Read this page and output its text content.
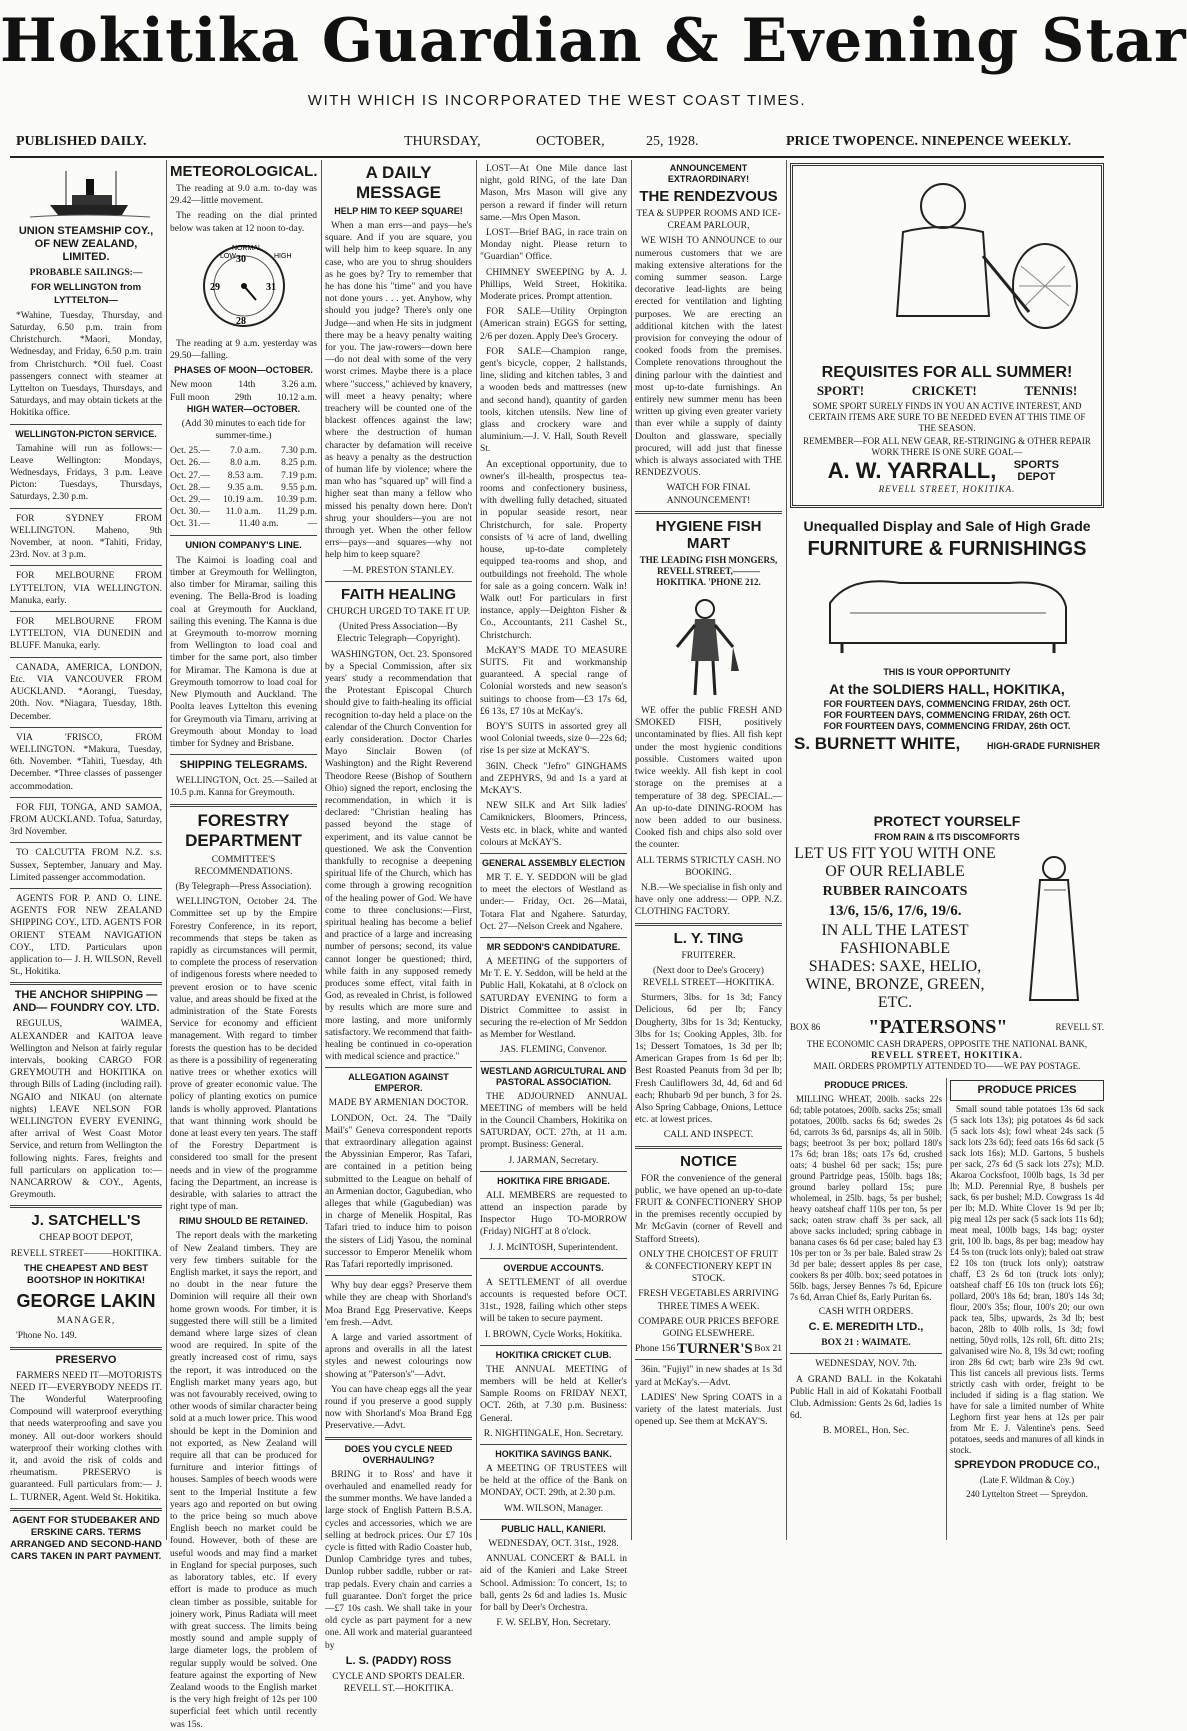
Hokitika Guardian & Evening Star
WITH WHICH IS INCORPORATED THE WEST COAST TIMES.
PUBLISHED DAILY.	THURSDAY,	OCTOBER,	25, 1928.	PRICE TWOPENCE. NINEPENCE WEEKLY.

UNION STEAMSHIP COY., OF NEW ZEALAND, LIMITED.

PROBABLE SAILINGS:—

FOR WELLINGTON from LYTTELTON—

*Wahine, Tuesday, Thursday, and Saturday, 6.50 p.m. train from Christchurch. *Maori, Monday, Wednesday, and Friday, 6.50 p.m. train from Christchurch. *Oil fuel. Coast passengers connect with steamer at Lyttelton on Tuesdays, Thursdays, and Saturdays, and may obtain tickets at the Hokitika office.

WELLINGTON-PICTON SERVICE.

Tamahine will run as follows:— Leave Wellington: Mondays, Wednesdays, Fridays, 3 p.m. Leave Picton: Tuesdays, Thursdays, Saturdays, 2.30 p.m.

FOR SYDNEY FROM WELLINGTON. Maheno, 9th November, at noon. *Tahiti, Friday, 23rd. Nov. at 3 p.m.

FOR MELBOURNE FROM LYTTELTON, VIA WELLINGTON. Manuka, early.

FOR MELBOURNE FROM LYTTELTON, VIA DUNEDIN and BLUFF. Manuka, early.

CANADA, AMERICA, LONDON, Etc. VIA VANCOUVER FROM AUCKLAND. *Aorangi, Tuesday, 20th. Nov. *Niagara, Tuesday, 18th. December.

VIA 'FRISCO, FROM WELLINGTON. *Makura, Tuesday, 6th. November. *Tahiti, Tuesday, 4th December. *Three classes of passenger accommodation.

FOR FIJI, TONGA, AND SAMOA, FROM AUCKLAND. Tofua, Saturday, 3rd November.

TO CALCUTTA FROM N.Z. s.s. Sussex, September, January and May. Limited passenger accommodation.

AGENTS FOR P. AND O. LINE. AGENTS FOR NEW ZEALAND SHIPPING COY., LTD. AGENTS FOR ORIENT STEAM NAVIGATION COY., LTD. Particulars upon application to— J. H. WILSON, Revell St., Hokitika.

THE ANCHOR SHIPPING —AND— FOUNDRY COY. LTD.

REGULUS, WAIMEA, ALEXANDER and KAITOA leave Wellington and Nelson at fairly regular intervals, booking CARGO FOR GREYMOUTH and HOKITIKA on through Bills of Lading (including rail). NGAIO and NIKAU (on alternate nights) LEAVE NELSON FOR WELLINGTON EVERY EVENING, after arrival of West Coast Motor Service, and return from Wellington the following nights. Fares, freights and full particulars on application to:— NANCARROW & COY., Agents, Greymouth.

J. SATCHELL'S

CHEAP BOOT DEPOT,

REVELL STREET———HOKITIKA.

THE CHEAPEST AND BEST BOOTSHOP IN HOKITIKA!

GEORGE LAKIN

MANAGER,

'Phone No. 149.

PRESERVO

FARMERS NEED IT—MOTORISTS NEED IT—EVERYBODY NEEDS IT. The Wonderful Waterproofing Compound will waterproof everything that needs waterproofing and save you money. All out-door workers should waterproof their working clothes with it, and avoid the risk of colds and rheumatism. PRESERVO is guaranteed. Full particulars from:— J. L. TURNER, Agent. Weld St. Hokitika.

AGENT FOR STUDEBAKER AND ERSKINE CARS. TERMS ARRANGED AND SECOND-HAND CARS TAKEN IN PART PAYMENT.

METEOROLOGICAL.

The reading at 9.0 a.m. to-day was 29.42—little movement.

The reading on the dial printed below was taken at 12 noon to-day.

LOW
NORMAL
HIGH
29
28
30
31

The reading at 9 a.m. yesterday was 29.50—falling.

PHASES OF MOON—OCTOBER.

New moon	14th	3.26 a.m.
Full moon	29th	10.12 a.m.

HIGH WATER—OCTOBER.

(Add 30 minutes to each tide for summer-time.)

Oct. 25.— 7.0 a.m. 7.30 p.m.
Oct. 26.— 8.0 a.m. 8.25 p.m.
Oct. 27.— 8.53 a.m. 7.19 p.m.
Oct. 28.— 9.35 a.m. 9.55 p.m.
Oct. 29.— 10.19 a.m. 10.39 p.m.
Oct. 30.— 11.0 a.m. 11.29 p.m.
Oct. 31.—	11.40 a.m.	—

UNION COMPANY'S LINE.

The Kaimoi is loading coal and timber at Greymouth for Wellington, also timber for Miramar, sailing this evening. The Bella-Brod is loading coal at Greymouth for Auckland, sailing this evening. The Kanna is due at Greymouth to-morrow morning from Wellington to load coal and timber for the same port, also timber for Miramar. The Kamona is due at Greymouth tomorrow to load coal for New Plymouth and Auckland. The Poolta leaves Lyttelton this evening for Greymouth via Timaru, arriving at Greymouth about Monday to load timber for Sydney and Brisbane.

SHIPPING TELEGRAMS.

WELLINGTON, Oct. 25.—Sailed at 10.5 p.m. Kanna for Greymouth.

FORESTRY DEPARTMENT

COMMITTEE'S RECOMMENDATIONS.

(By Telegraph—Press Association).

WELLINGTON, October 24. The Committee set up by the Empire Forestry Conference, in its report, recommends that steps be taken as rapidly as circumstances will permit, to complete the process of reservation of indigenous forests where needed to prevent erosion or to have scenic value, and areas should be fixed at the administration of the State Forests Service for economy and efficient management. With regard to timber forests the question has to be decided as there is a possibility of regenerating native trees or whether exotics will prove of greater economic value. The policy of planting exotics on pumice lands is wholly approved. Plantations that want thinning work should be done at least every ten years. The staff of the Forestry Department is considered too small for the present needs and in view of the programme facing the Department, an increase is desirable, with salaries to attract the right type of man.

RIMU SHOULD BE RETAINED.

The report deals with the marketing of New Zealand timbers. They are very few timbers suitable for the English market, it says the report, and no doubt in the near future the Dominion will require all their own home grown woods. For timber, it is suggested there will still be a limited demand where large sizes of clean wood are required. In spite of the greatly increased cost of rimu, says the report, it was introduced on the English market many years ago, but was not favourably received, owing to other woods of similar character being sold at a much lower price. This wood should be kept in the Dominion and not exported, as New Zealand will require all that can be produced for furniture and interior fittings of houses. Samples of beech woods were sent to the Imperial Institute a few years ago and reported on but owing to the price being so much above English beech no market could be found. However, both of these are useful woods and may find a market in England for special purposes, such as laboratory tables, etc. If every effort is made to produce as much clean timber as possible, suitable for joinery work, Pinus Radiata will meet with great success. The limits being mostly sound and ample supply of large diameter logs, the problem of regular supply would be solved. One feature against the exporting of New Zealand woods to the English market is the very high freight of 12s per 100 superficial feet which until recently was 15s.

A DAILY MESSAGE

HELP HIM TO KEEP SQUARE!

When a man errs—and pays—he's square. And if you are square, you will help him to keep square. In any case, who are you to shrug shoulders as he goes by? Try to remember that he has done his "time" and you have not done yours . . . yet. Anyhow, why should you judge? There's only one Judge—and when He sits in judgment there may be a heavy penalty waiting for you. The jaw-rowers—down here—do not deal with some of the very worst crimes. Maybe there is a place where "success," achieved by knavery, will meet a heavy penalty; where treachery will be counted one of the blackest offences against the law; where the destruction of human character by defamation will receive as heavy a penalty as the destruction of human life by violence; where the man who has "squared up" will find a higher seat than many a fellow who missed his penalty down here. Don't shrug your shoulders—you are not through yet. When the other fellow errs—pays—and squares—why not help him to keep square?

—M. PRESTON STANLEY.

FAITH HEALING

CHURCH URGED TO TAKE IT UP.

(United Press Association—By Electric Telegraph—Copyright).

WASHINGTON, Oct. 23. Sponsored by a Special Commission, after six years' study a recommendation that the Protestant Episcopal Church should give to faith-healing its official recognition to-day held a place on the calendar of the Church Convention for early consideration. Doctor Charles Mayo Sinclair Bowen (of Washington) and the Right Reverend Theodore Reese (Bishop of Southern Ohio) signed the report, enclosing the recommendation, in which it is declared: "Christian healing has passed beyond the stage of experiment, and its value cannot be questioned. We ask the Convention thankfully to recognise a deepening spiritual life of the Church, which has come through a growing recognition of the healing power of God. We have come to three conclusions:—First, spiritual healing has become a belief and practice of a large and increasing number of persons; second, its value cannot longer be questioned; third, while faith in any supposed remedy produces some effect, vital faith in God, as revealed in Christ, is followed by results which are more sure and more lasting, and more uniformly satisfactory. We recommend that faith-healing be continued in co-operation with medical science and practice."

ALLEGATION AGAINST EMPEROR.

MADE BY ARMENIAN DOCTOR.

LONDON, Oct. 24. The "Daily Mail's" Geneva correspondent reports that extraordinary allegation against the Abyssinian Emperor, Ras Tafari, are contained in a petition being submitted to the League on behalf of an Armenian doctor, Gagubedian, who alleges that while (Gagubedian) was in charge of Menelik Hospital, Ras Tafari tried to induce him to poison the sisters of Lidj Yasou, the nominal successor to Emperor Menelik whom Ras Tafari reportedly imprisoned.

Why buy dear eggs? Preserve them while they are cheap with Shorland's Moa Brand Egg Preservative. Keeps 'em fresh.—Advt.

A large and varied assortment of aprons and overalls in all the latest styles and newest colourings now showing at "Paterson's"—Advt.

You can have cheap eggs all the year round if you preserve a good supply now with Shorland's Moa Brand Egg Preservative.—Advt.

DOES YOU CYCLE NEED OVERHAULING?

BRING it to Ross' and have it overhauled and enamelled ready for the summer months. We have landed a large stock of English Pattern B.S.A. cycles and accessories, which we are selling at bedrock prices. Our £7 10s cycle is fitted with Radio Coaster hub, Dunlop Cambridge tyres and tubes, Dunlop rubber saddle, rubber or rat-trap pedals. Every chain and carries a full guarantee. Don't forget the price—£7 10s cash. We shall take in your old cycle as part payment for a new one. All work and material guaranteed by

L. S. (PADDY) ROSS

CYCLE AND SPORTS DEALER. REVELL ST.—HOKITIKA.

LOST—At One Mile dance last night, gold RING, of the late Dan Mason, Mrs Mason will give any person a reward if finder will return same.—Mrs Open Mason.

LOST—Brief BAG, in race train on Monday night. Please return to "Guardian" Office.

CHIMNEY SWEEPING by A. J. Phillips, Weld Street, Hokitika. Moderate prices. Prompt attention.

FOR SALE—Utility Orpington (American strain) EGGS for setting, 2/6 per dozen. Apply Dee's Grocery.

FOR SALE—Champion range, gent's bicycle, copper, 2 hallstands, line, sliding and kitchen tables, 3 and a wooden beds and mattresses (new and second hand), quantity of garden tools, kitchen utensils. New line of glass and crockery ware and aluminium.—J. V. Hall, South Revell St.

An exceptional opportunity, due to owner's ill-health, prospectus tea-rooms and confectionery business, with dwelling fully detached, situated in popular seaside resort, near Christchurch, for sale. Property consists of ¼ acre of land, dwelling house, up-to-date completely equipped tea-rooms and shop, and outbuildings not freehold. The whole for sale as a going concern. Walk in! Walk out! For particulars in first instance, apply—Deighton Fisher & Co., Accountants, 211 Cashel St., Christchurch.

McKAY'S MADE TO MEASURE SUITS. Fit and workmanship guaranteed. A special range of Colonial worsteds and new season's suitings to choose from—£3 17s 6d, £6 13s, £7 10s at McKay's.

BOY'S SUITS in assorted grey all wool Colonial tweeds, size 0—22s 6d; rise 1s per size at McKAY'S.

36IN. Check "Jefro" GINGHAMS and ZEPHYRS, 9d and 1s a yard at McKAY'S.

NEW SILK and Art Silk ladies' Camiknickers, Bloomers, Princess, Vests etc. in black, white and wanted colours at McKAY'S.

GENERAL ASSEMBLY ELECTION

MR T. E. Y. SEDDON will be glad to meet the electors of Westland as under:— Friday, Oct. 26—Matai, Totara Flat and Ngahere. Saturday, Oct. 27—Nelson Creek and Ngahere.

MR SEDDON'S CANDIDATURE.

A MEETING of the supporters of Mr T. E. Y. Seddon, will be held at the Public Hall, Kokatahi, at 8 o'clock on SATURDAY EVENING to form a District Committee to assist in securing the re-election of Mr Seddon as Member for Westland.

JAS. FLEMING, Convenor.

WESTLAND AGRICULTURAL AND PASTORAL ASSOCIATION.

THE ADJOURNED ANNUAL MEETING of members will be held in the Council Chambers, Hokitika on SATURDAY, OCT. 27th, at 11 a.m. prompt. Business: General.

J. JARMAN, Secretary.

HOKITIKA FIRE BRIGADE.

ALL MEMBERS are requested to attend an inspection parade by Inspector Hugo TO-MORROW (Friday) NIGHT at 8 o'clock.

J. J. McINTOSH, Superintendent.

OVERDUE ACCOUNTS.

A SETTLEMENT of all overdue accounts is requested before OCT. 31st., 1928, failing which other steps will be taken to secure payment.

I. BROWN, Cycle Works, Hokitika.

HOKITIKA CRICKET CLUB.

THE ANNUAL MEETING of members will be held at Keller's Sample Rooms on FRIDAY NEXT, OCT. 26th, at 7.30 p.m. Business: General.

R. NIGHTINGALE, Hon. Secretary.

HOKITIKA SAVINGS BANK.

A MEETING OF TRUSTEES will be held at the office of the Bank on MONDAY, OCT. 29th, at 2.30 p.m.

WM. WILSON, Manager.

PUBLIC HALL, KANIERI.

WEDNESDAY, OCT. 31st., 1928.

ANNUAL CONCERT & BALL in aid of the Kanieri and Lake Street School. Admission: To concert, 1s; to ball, gents 2s 6d and ladies 1s. Music for ball by Deer's Orchestra.

F. W. SELBY, Hon. Secretary.

ANNOUNCEMENT EXTRAORDINARY!

THE RENDEZVOUS

TEA & SUPPER ROOMS AND ICE-CREAM PARLOUR,

WE WISH TO ANNOUNCE to our numerous customers that we are making extensive alterations for the coming summer season. Large decorative lead-lights are being erected for ventilation and lighting purposes. We are erecting an additional kitchen with the latest provision for conveying the odour of cooked foods from the premises. Complete renovations throughout the dining parlour with the daintiest and most up-to-date furnishings. An entirely new summer menu has been written up giving even greater variety than ever while a supply of dainty Doulton and glassware, specially procured, will add just that finesse which is always associated with THE RENDEZVOUS.

WATCH FOR FINAL ANNOUNCEMENT!

HYGIENE FISH MART

THE LEADING FISH MONGERS, REVELL STREET,———HOKITIKA. 'PHONE 212.

WE offer the public FRESH AND SMOKED FISH, positively uncontaminated by flies. All fish kept under the most hygienic conditions possible. Customers waited upon twice weekly. All fish kept in cool storage on the premises at a temperature of 38 deg. SPECIAL.—An up-to-date DINING-ROOM has now been added to our business. Cooked fish and chips also sold over the counter.

ALL TERMS STRICTLY CASH. NO BOOKING.

N.B.—We specialise in fish only and have only one address:— OPP. N.Z. CLOTHING FACTORY.

L. Y. TING

FRUITERER.

(Next door to Dee's Grocery) REVELL STREET—HOKITIKA.

Sturmers, 3lbs. for 1s 3d; Fancy Delicious, 6d per lb; Fancy Dougherty, 3lbs for 1s 3d; Kentucky, 3lbs for 1s; Cooking Apples, 3lb. for 1s; Dessert Tomatoes, 1s 3d per lb; American Grapes from 1s 6d per lb; Best Roasted Peanuts from 3d per lb; Fresh Cauliflowers 3d, 4d, 6d and 6d each; Rhubarb 9d per bunch, 3 for 2s. Also Spring Cabbage, Onions, Lettuce etc. at lowest prices.

CALL AND INSPECT.

NOTICE

FOR the convenience of the general public, we have opened an up-to-date FRUIT & CONFECTIONERY SHOP in the premises recently occupied by Mr McGavin (corner of Revell and Stafford Streets).

ONLY THE CHOICEST OF FRUIT & CONFECTIONERY KEPT IN STOCK.

FRESH VEGETABLES ARRIVING THREE TIMES A WEEK.

COMPARE OUR PRICES BEFORE GOING ELSEWHERE.

Phone 156 TURNER'S Box 21

36in. "Fujiyl" in new shades at 1s 3d yard at McKay's.—Advt.

LADIES' New Spring COATS in a variety of the latest materials. Just opened up. See them at McKAY'S.

REQUISITES FOR ALL SUMMER!

SPORT!	CRICKET!	TENNIS!

SOME SPORT SURELY FINDS IN YOU AN ACTIVE INTEREST, AND CERTAIN ITEMS ARE SURE TO BE NEEDED EVEN AT THIS TIME OF THE SEASON.

REMEMBER—FOR ALL NEW GEAR, RE-STRINGING & OTHER REPAIR WORK THERE IS ONE SURE GOAL—

A. W. YARRALL,	SPORTS DEPOT

REVELL STREET, HOKITIKA.

Unequalled Display and Sale of High Grade

FURNITURE & FURNISHINGS

THIS IS YOUR OPPORTUNITY

At the SOLDIERS HALL, HOKITIKA,

FOR FOURTEEN DAYS, COMMENCING FRIDAY, 26th OCT.

FOR FOURTEEN DAYS, COMMENCING FRIDAY, 26th OCT.

FOR FOURTEEN DAYS, COMMENCING FRIDAY, 26th OCT.

S. BURNETT WHITE,	HIGH-GRADE FURNISHER

PROTECT YOURSELF

FROM RAIN & ITS DISCOMFORTS

LET US FIT YOU WITH ONE OF OUR RELIABLE

RUBBER RAINCOATS

13/6, 15/6, 17/6, 19/6.

IN ALL THE LATEST FASHIONABLE

SHADES: SAXE, HELIO, WINE, BRONZE, GREEN, ETC.

BOX 86 "PATERSONS"	REVELL ST.

THE ECONOMIC CASH DRAPERS, OPPOSITE THE NATIONAL BANK,

REVELL STREET, HOKITIKA.

MAIL ORDERS PROMPTLY ATTENDED TO——WE PAY POSTAGE.

PRODUCE PRICES.

MILLING WHEAT, 200lb. sacks 22s 6d; table potatoes, 200lb. sacks 25s; small potatoes, 200lb. sacks 6s 6d; swedes 2s 6d, carrots 3s 6d, parsnips 4s, all in 50lb. bags; beetroot 3s per box; pollard 180's 17s 6d; bran 18s; oats 17s 6d, crushed oats; 4 bushel 6d per sack; 15s; pure ground Partridge peas, 150lb. bags 18s; ground barley pollard 15s; pure wholemeal, in 25lb. bags, 5s per bushel; heavy oatsheaf chaff 110s per ton, 5s per sack; oaten straw chaff 3s per sack, all above sacks included; spring cabbage in banana cases 6s 6d per case; baled hay £3 10s per ton or 3s per bale. Baled straw 2s 3d per bale; dessert apples 8s per case, cookers 8s per 40lb. box; seed potatoes in 56lb. bags, Jersey Bennes 7s 6d, Epicure 7s 6d, Arran Chief 8s, Early Puritan 6s.

CASH WITH ORDERS.

C. E. MEREDITH LTD.,

BOX 21 : WAIMATE.

WEDNESDAY, NOV. 7th.

A GRAND BALL in the Kokatahi Public Hall in aid of Kokatahi Football Club. Admission: Gents 2s 6d, ladies 1s 6d.

B. MOREL, Hon. Sec.

PRODUCE PRICES

Small sound table potatoes 13s 6d sack (5 sack lots 13s); pig potatoes 4s 6d sack (5 sack lots 4s); fowl wheat 24s sack (5 sack lots 23s 6d); feed oats 16s 6d sack (5 sack lots 16s); M.D. Gartons, 5 bushels per sack, 27s 6d (5 sack lots 27s); M.D. Akaroa Cocksfoot, 100lb bags, 1s 3d per lb; M.D. Perennial Rye, 8 bushels per sack, 6s per bushel; M.D. Cowgrass 1s 4d per lb; M.D. White Clover 1s 9d per lb; pig meal 12s per sack (5 sack lots 11s 6d); meat meal, 100lb bags, 14s bag; oyster grit, 100 lb. bags, 8s per bag; meadow hay £4 5s ton (truck lots only); baled oat straw £2 10s ton (truck lots only); oatstraw chaff, £3 2s 6d ton (truck lots only); oatsheaf chaff £6 10s ton (truck lots £6); pollard, 200's 18s 6d; bran, 180's 14s 3d; flour, 200's 35s; flour, 100's 20; our own pack tea, 5lbs, upwards, 2s 3d lb; best bacon, 28lb to 40lb rolls, 1s 3d; fowl netting, 50yd rolls, 12s roll, 6ft. ditto 21s; galvanised wire No. 8, 19s 3d cwt; roofing iron 28s 6d cwt; barb wire 23s 9d cwt. This list cancels all previous lists. Terms strictly cash with order, freight to be included if siding is a flag station. We have for sale a limited number of White Leghorn first year hens at 12s per pair from Mr E. J. Valentine's pens. Seed potatoes, seeds and manures of all kinds in stock.

SPREYDON PRODUCE CO.,

(Late F. Wildman & Coy.)

240 Lyttelton Street — Spreydon.
